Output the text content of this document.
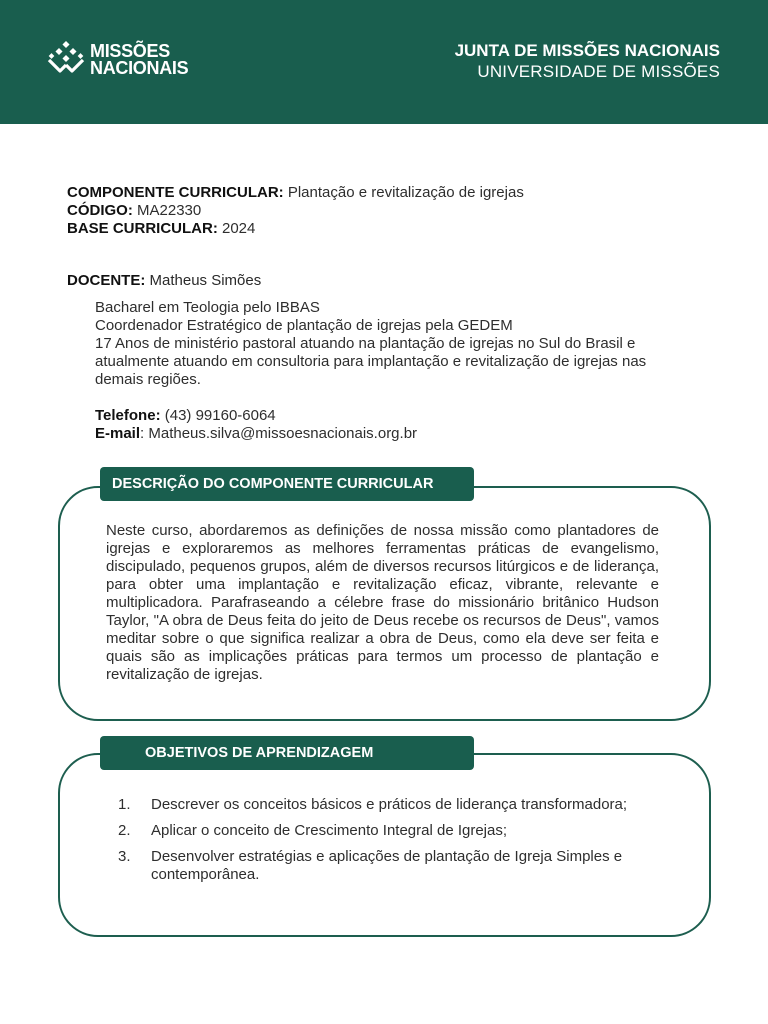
MISSÕES
NACIONAIS
JUNTA DE MISSÕES NACIONAIS
UNIVERSIDADE DE MISSÕES
COMPONENTE CURRICULAR: Plantação e revitalização de igrejas
CÓDIGO: MA22330
BASE CURRICULAR: 2024
DOCENTE: Matheus Simões
Bacharel em Teologia pelo IBBAS
Coordenador Estratégico de plantação de igrejas pela GEDEM
17 Anos de ministério pastoral atuando na plantação de igrejas no Sul do Brasil e atualmente atuando em consultoria para implantação e revitalização de igrejas nas demais regiões.
Telefone: (43) 99160-6064
E-mail: Matheus.silva@missoesnacionais.org.br
DESCRIÇÃO DO COMPONENTE CURRICULAR

Neste curso, abordaremos as definições de nossa missão como plantadores de igrejas e exploraremos as melhores ferramentas práticas de evangelismo, discipulado, pequenos grupos, além de diversos recursos litúrgicos e de liderança, para obter uma implantação e revitalização eficaz, vibrante, relevante e multiplicadora. Parafraseando a célebre frase do missionário britânico Hudson Taylor, "A obra de Deus feita do jeito de Deus recebe os recursos de Deus", vamos meditar sobre o que significa realizar a obra de Deus, como ela deve ser feita e quais são as implicações práticas para termos um processo de plantação e revitalização de igrejas.

OBJETIVOS DE APRENDIZAGEM
1.	Descrever os conceitos básicos e práticos de liderança transformadora;
2.	Aplicar o conceito de Crescimento Integral de Igrejas;
3.	Desenvolver estratégias e aplicações de plantação de Igreja Simples e contemporânea.
